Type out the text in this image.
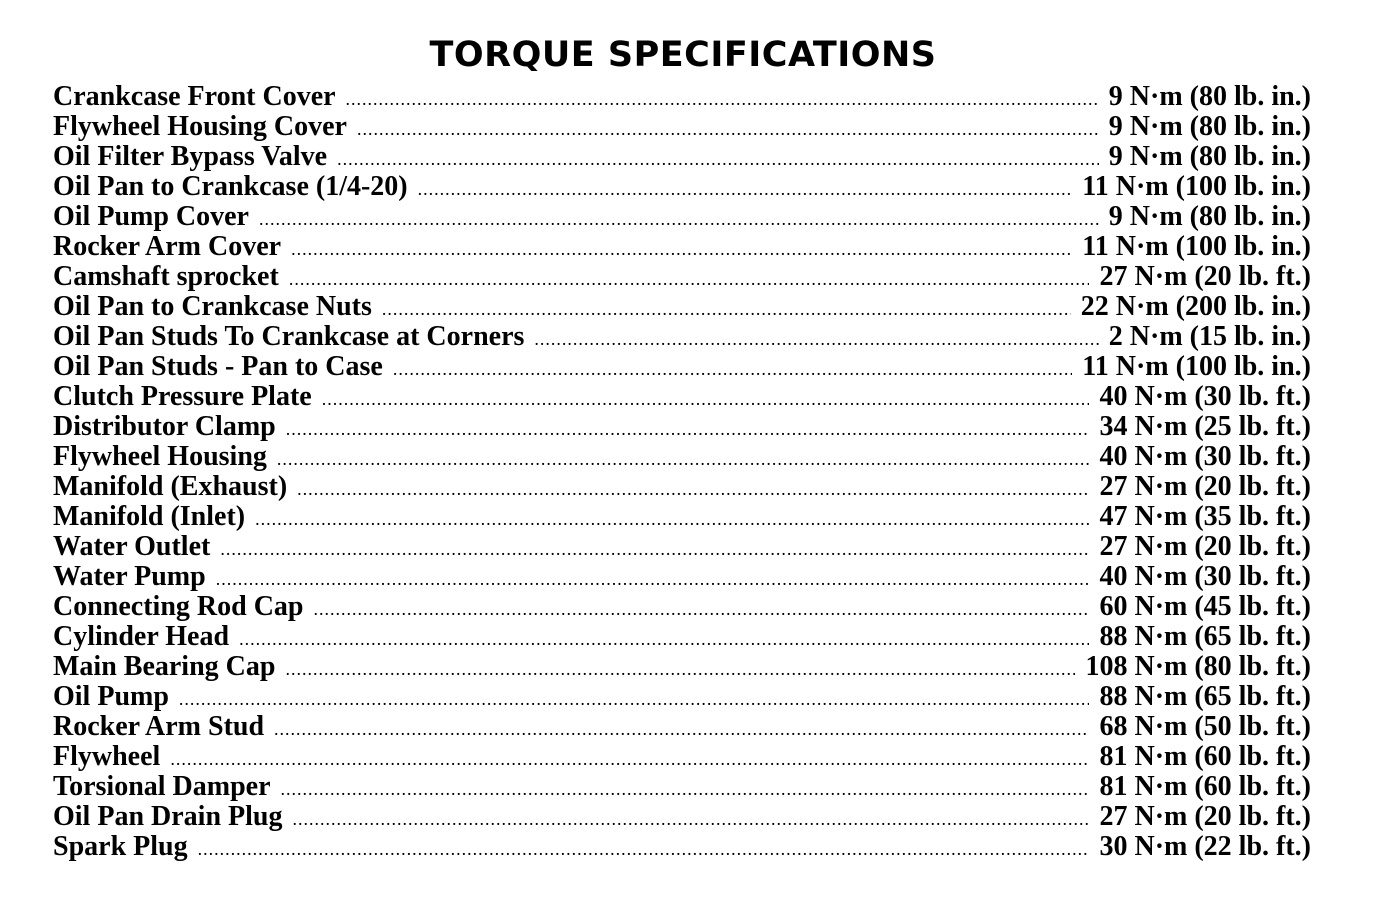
TORQUE SPECIFICATIONS
Crankcase Front Cover .....	9 N·m (80 lb. in.)
Flywheel Housing Cover .....	9 N·m (80 lb. in.)
Oil Filter Bypass Valve .....	9 N·m (80 lb. in.)
Oil Pan to Crankcase (1/4-20) .....	11 N·m (100 lb. in.)
Oil Pump Cover .....	9 N·m (80 lb. in.)
Rocker Arm Cover .....	11 N·m (100 lb. in.)
Camshaft sprocket .....	27 N·m (20 lb. ft.)
Oil Pan to Crankcase Nuts .....	22 N·m (200 lb. in.)
Oil Pan Studs To Crankcase at Corners .....	2 N·m (15 lb. in.)
Oil Pan Studs - Pan to Case .....	11 N·m (100 lb. in.)
Clutch Pressure Plate .....	40 N·m (30 lb. ft.)
Distributor Clamp .....	34 N·m (25 lb. ft.)
Flywheel Housing .....	40 N·m (30 lb. ft.)
Manifold (Exhaust) .....	27 N·m (20 lb. ft.)
Manifold (Inlet) .....	47 N·m (35 lb. ft.)
Water Outlet .....	27 N·m (20 lb. ft.)
Water Pump .....	40 N·m (30 lb. ft.)
Connecting Rod Cap .....	60 N·m (45 lb. ft.)
Cylinder Head .....	88 N·m (65 lb. ft.)
Main Bearing Cap .....	108 N·m (80 lb. ft.)
Oil Pump .....	88 N·m (65 lb. ft.)
Rocker Arm Stud .....	68 N·m (50 lb. ft.)
Flywheel .....	81 N·m (60 lb. ft.)
Torsional Damper .....	81 N·m (60 lb. ft.)
Oil Pan Drain Plug .....	27 N·m (20 lb. ft.)
Spark Plug .....	30 N·m (22 lb. ft.)
